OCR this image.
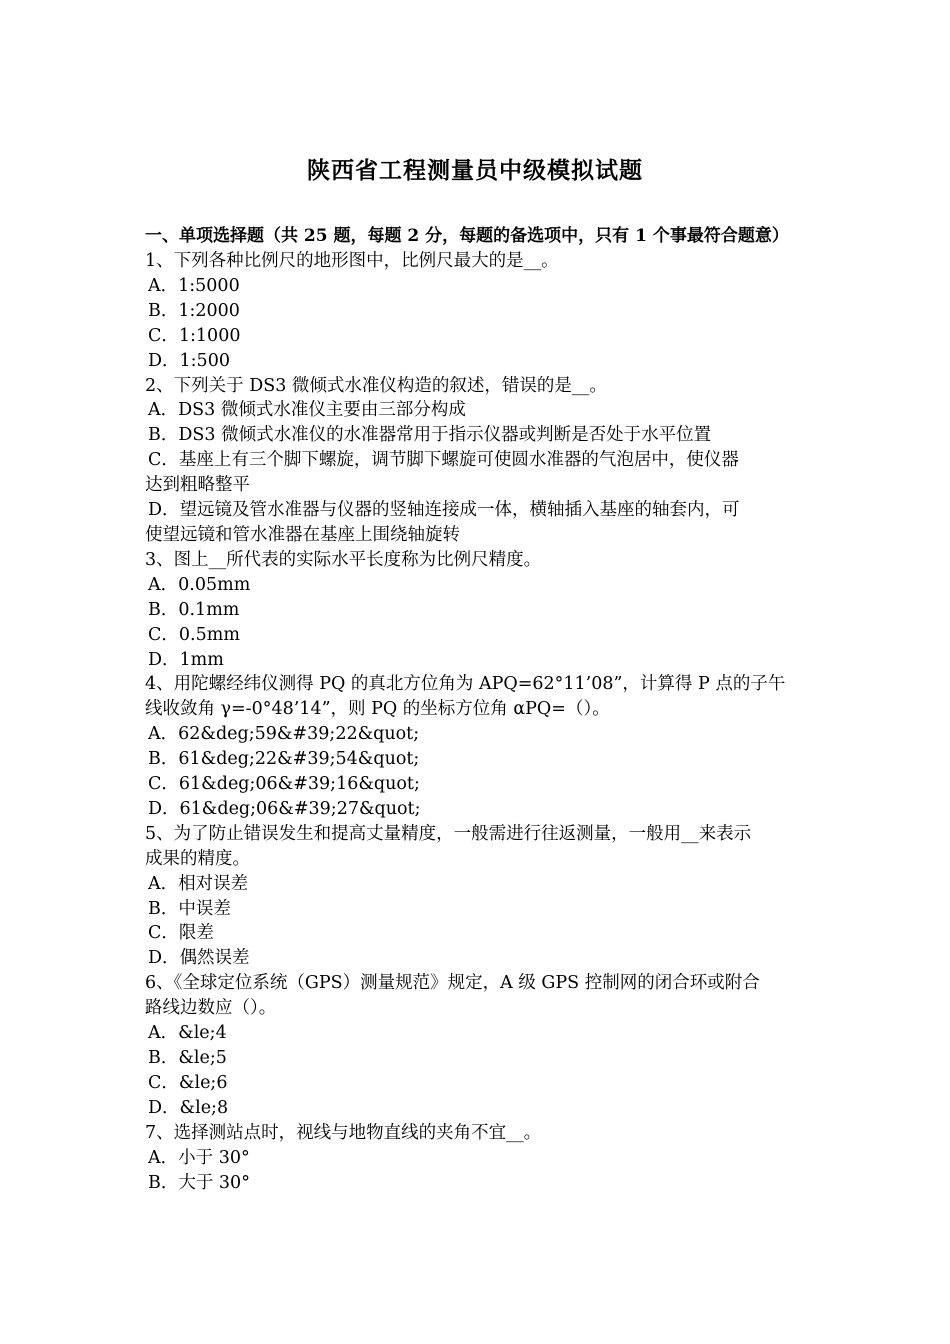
陕西省工程测量员中级模拟试题
一、单项选择题（共 25 题，每题 2 分，每题的备选项中，只有 1 个事最符合题意）
1、下列各种比例尺的地形图中，比例尺最大的是__。
A．1:5000
B．1:2000
C．1:1000
D．1:500
2、下列关于 DS3 微倾式水准仪构造的叙述，错误的是__。
A．DS3 微倾式水准仪主要由三部分构成
B．DS3 微倾式水准仪的水准器常用于指示仪器或判断是否处于水平位置
C．基座上有三个脚下螺旋，调节脚下螺旋可使圆水准器的气泡居中，使仪器
达到粗略整平
D．望远镜及管水准器与仪器的竖轴连接成一体，横轴插入基座的轴套内，可
使望远镜和管水准器在基座上围绕轴旋转
3、图上__所代表的实际水平长度称为比例尺精度。
A．0.05mm
B．0.1mm
C．0.5mm
D．1mm
4、用陀螺经纬仪测得 PQ 的真北方位角为 APQ=62°11’08”，计算得 P 点的子午
线收敛角 γ=-0°48’14”，则 PQ 的坐标方位角 αPQ=（）。
A．62&deg;59&#39;22&quot;
B．61&deg;22&#39;54&quot;
C．61&deg;06&#39;16&quot;
D．61&deg;06&#39;27&quot;
5、为了防止错误发生和提高丈量精度，一般需进行往返测量，一般用__来表示
成果的精度。
A．相对误差
B．中误差
C．限差
D．偶然误差
6、《全球定位系统（GPS）测量规范》规定，A 级 GPS 控制网的闭合环或附合
路线边数应（）。
A．&le;4
B．&le;5
C．&le;6
D．&le;8
7、选择测站点时，视线与地物直线的夹角不宜__。
A．小于 30°
B．大于 30°
